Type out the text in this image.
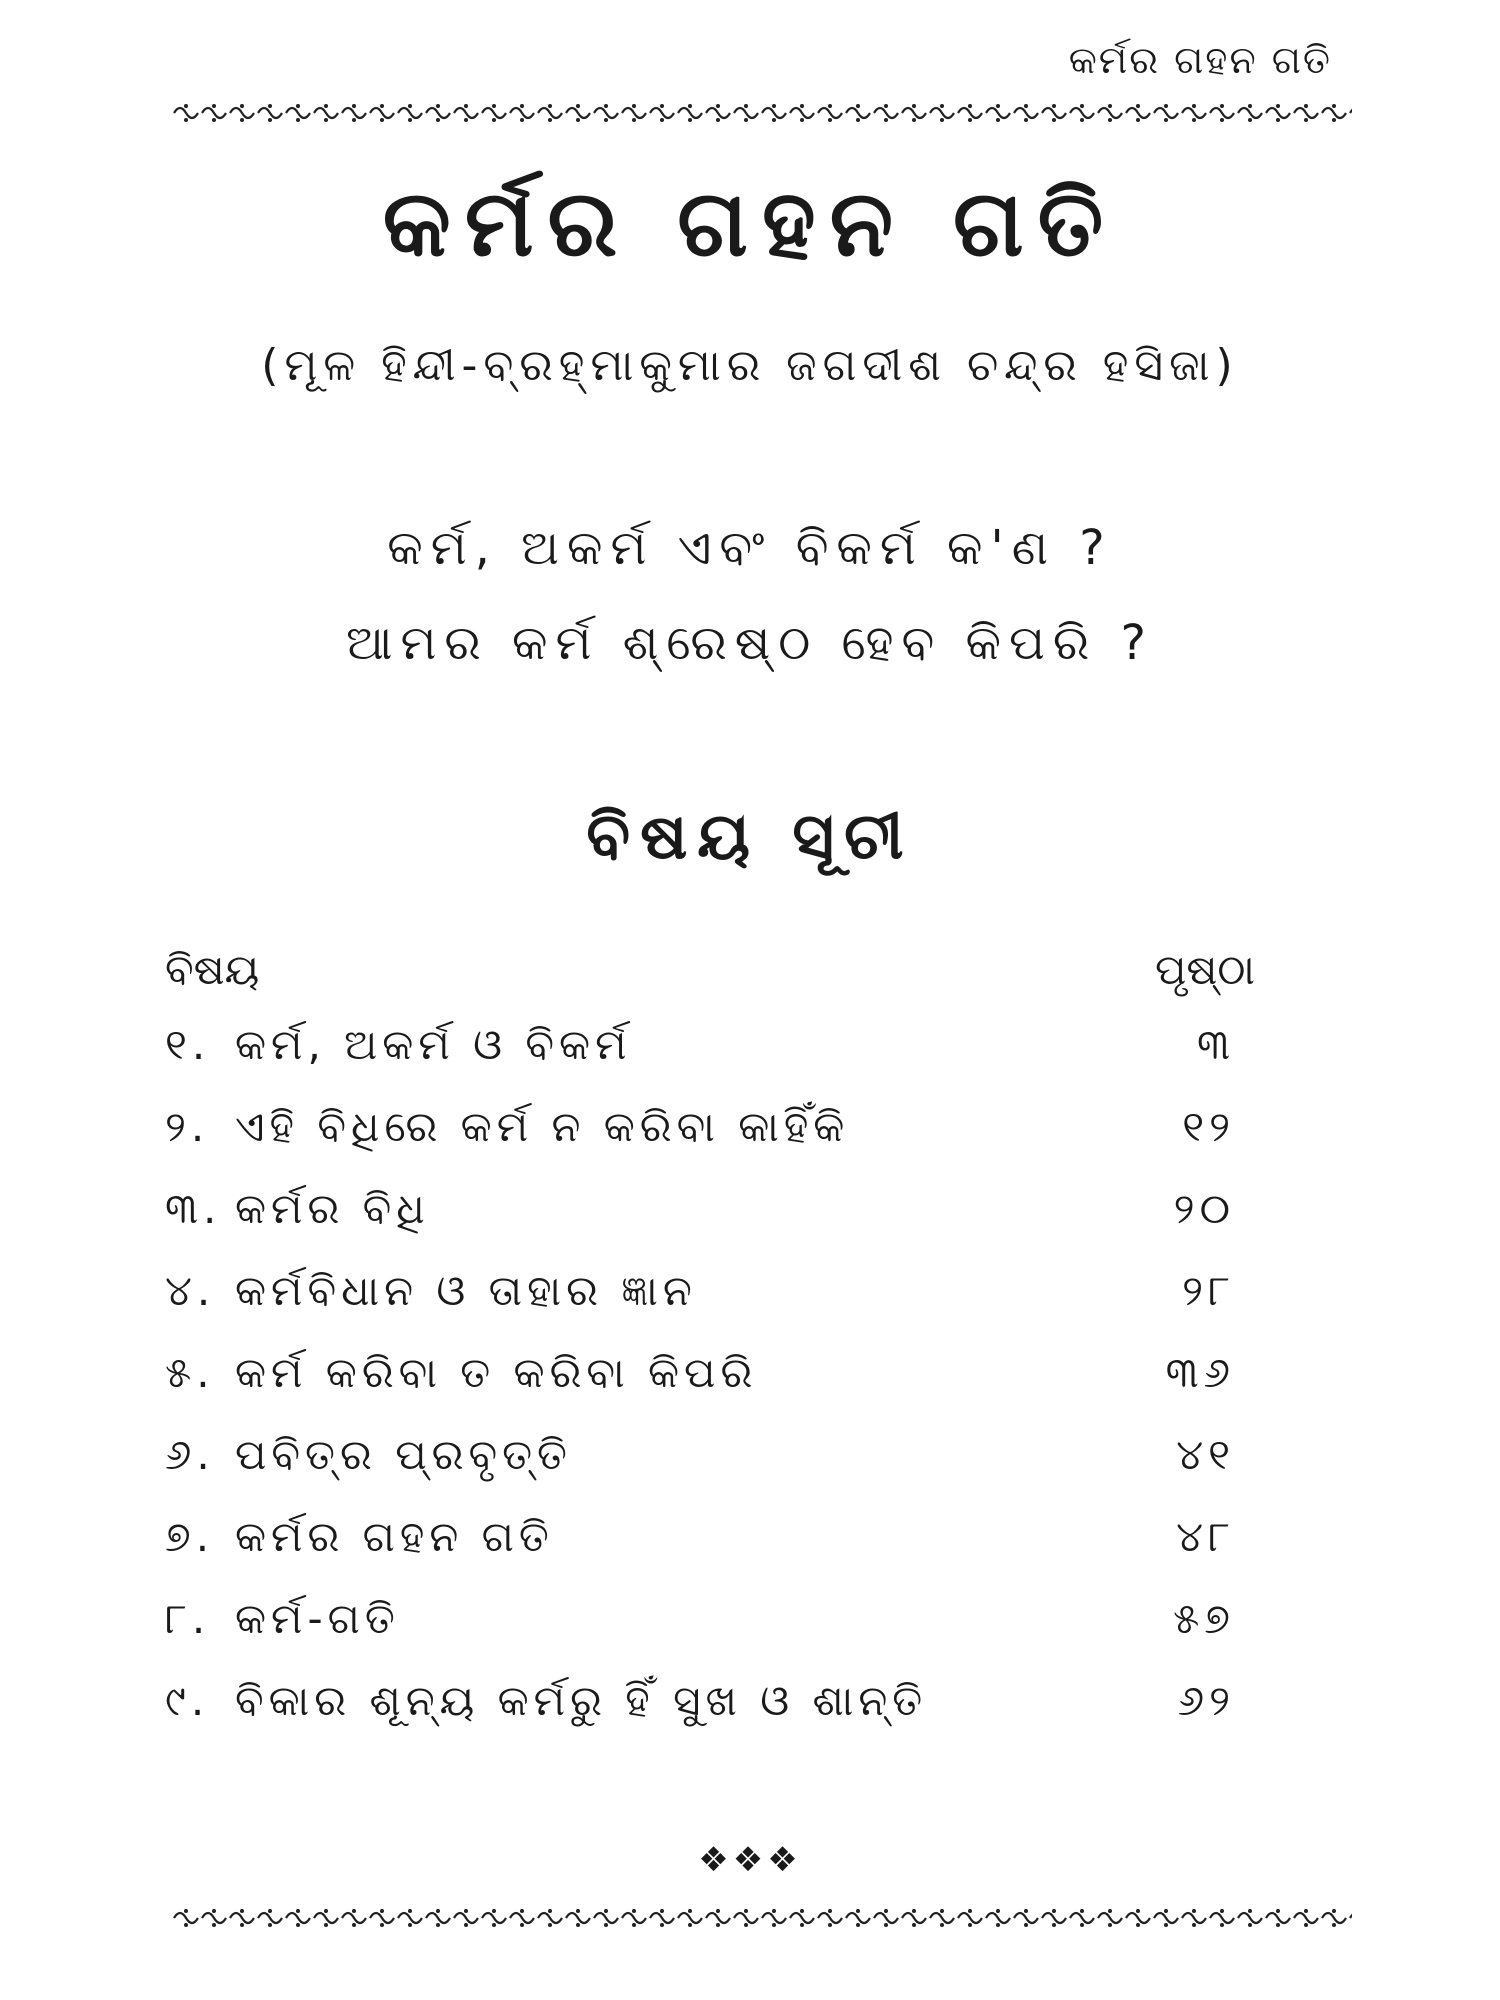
କର୍ମର ଗହନ ଗତି
କର୍ମର ଗହନ ଗତି
(ମୂଳ ହିନ୍ଦୀ-ବ୍ରହ୍ମାକୁମାର ଜଗଦୀଶ ଚନ୍ଦ୍ର ହସିଜା)
କର୍ମ, ଅକର୍ମ ଏବଂ ବିକର୍ମ କ'ଣ ?
ଆମର କର୍ମ ଶ୍ରେଷ୍ଠ ହେବ କିପରି ?
ବିଷୟ ସୂଚୀ
ବିଷୟ	ପୃଷ୍ଠା
୧. କର୍ମ, ଅକର୍ମ ଓ ବିକର୍ମ	୩
୨. ଏହି ବିଧିରେ କର୍ମ ନ କରିବା କାହିଁକି	୧୨
୩. କର୍ମର ବିଧି	୨୦
୪. କର୍ମବିଧାନ ଓ ତାହାର ଜ୍ଞାନ	୨୮
୫. କର୍ମ କରିବା ତ କରିବା କିପରି	୩୬
୬. ପବିତ୍ର ପ୍ରବୃତ୍ତି	୪୧
୭. କର୍ମର ଗହନ ଗତି	୪୮
୮. କର୍ମ-ଗତି	୫୭
୯. ବିକାର ଶୂନ୍ୟ କର୍ମରୁ ହିଁ ସୁଖ ଓ ଶାନ୍ତି	୬୨
❖❖❖
